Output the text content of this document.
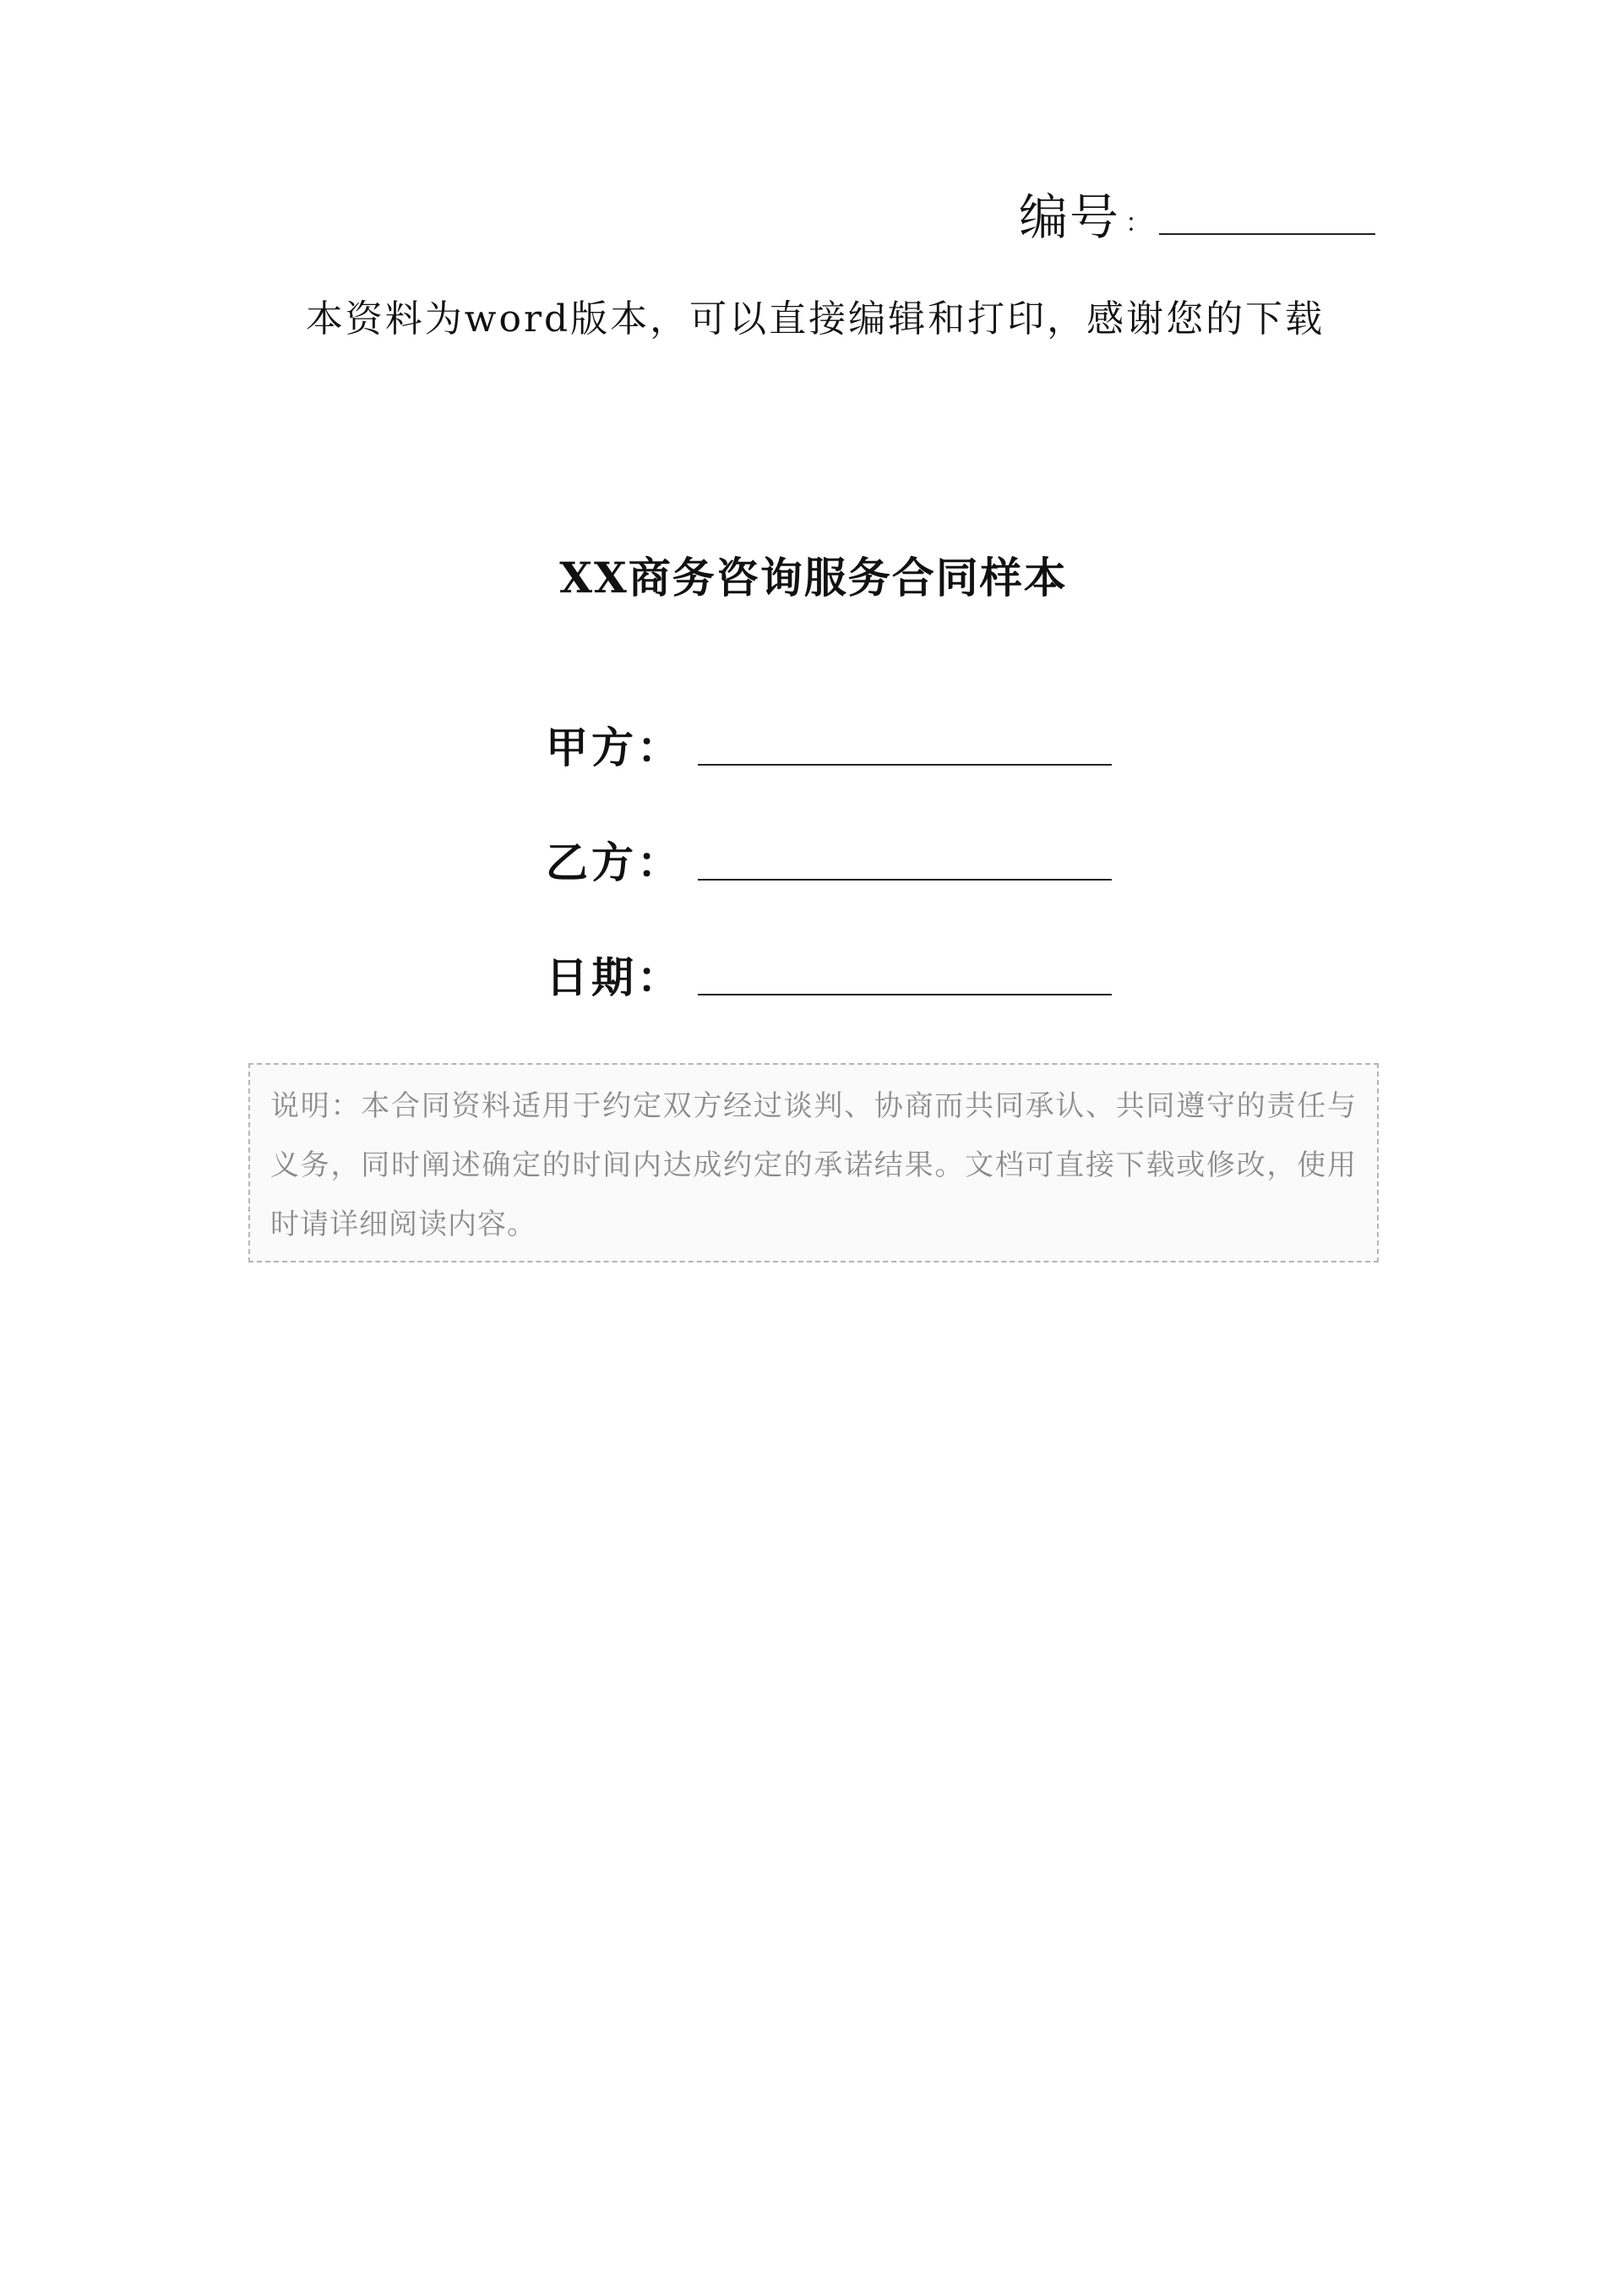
编号 ：
本资料为word版本，可以直接编辑和打印，感谢您的下载
XX商务咨询服务合同样本
甲方：
乙方：
日期：
说明：本合同资料适用于约定双方经过谈判、协商而共同承认、共同遵守的责任与义务，同时阐述确定的时间内达成约定的承诺结果。文档可直接下载或修改，使用时请详细阅读内容。
